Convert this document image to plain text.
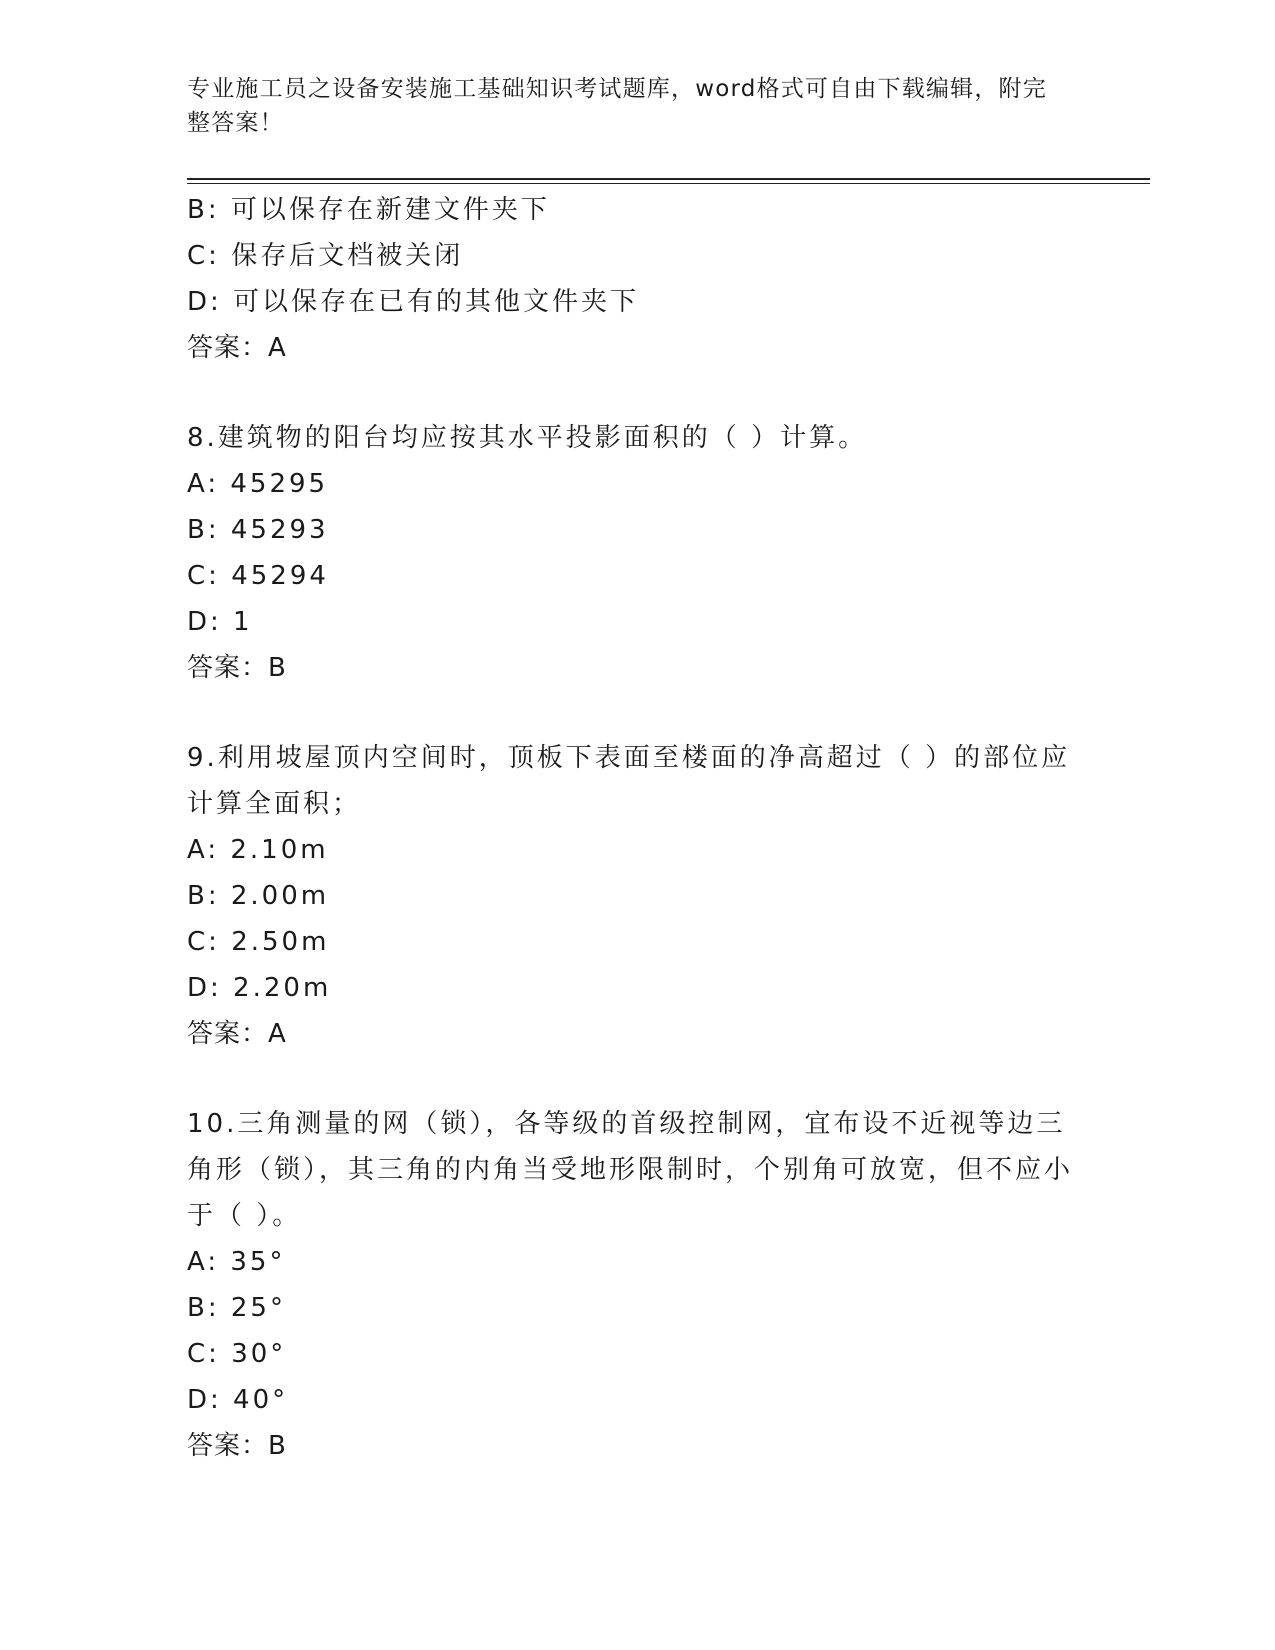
专业施工员之设备安装施工基础知识考试题库，word格式可自由下载编辑，附完整答案！
B: 可以保存在新建文件夹下
C: 保存后文档被关闭
D: 可以保存在已有的其他文件夹下
答案：A
8.建筑物的阳台均应按其水平投影面积的（ ）计算。
A: 45295
B: 45293
C: 45294
D: 1
答案：B
9.利用坡屋顶内空间时，顶板下表面至楼面的净高超过（ ）的部位应计算全面积；
A: 2.10m
B: 2.00m
C: 2.50m
D: 2.20m
答案：A
10.三角测量的网（锁），各等级的首级控制网，宜布设不近视等边三角形（锁），其三角的内角当受地形限制时，个别角可放宽，但不应小于（ ）。
A: 35°
B: 25°
C: 30°
D: 40°
答案：B
